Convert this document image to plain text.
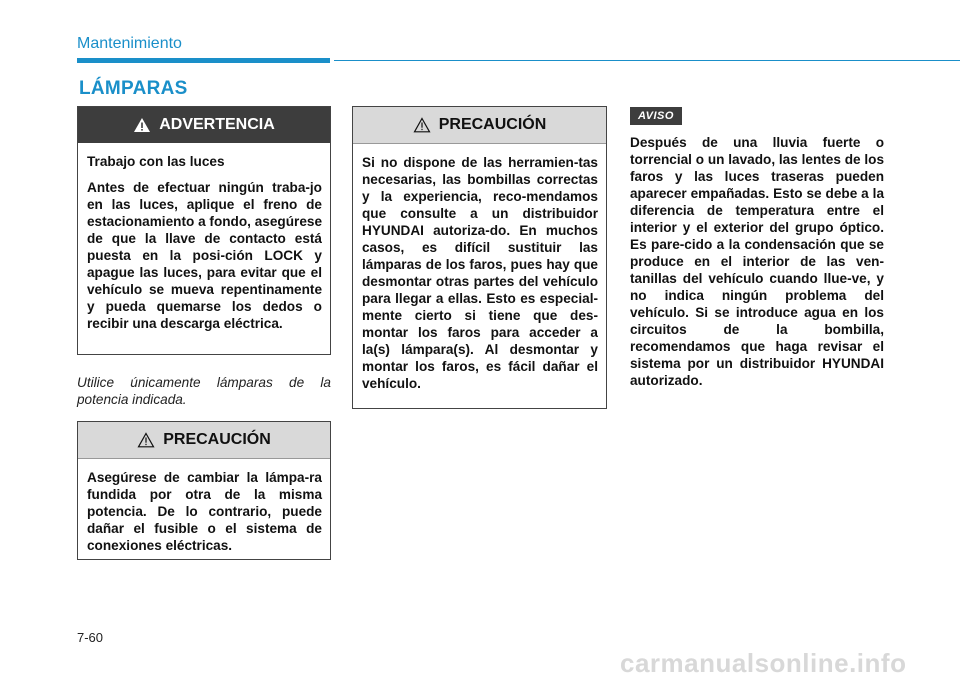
Mantenimiento
LÁMPARAS
ADVERTENCIA

Trabajo con las luces

Antes de efectuar ningún traba-jo en las luces, aplique el freno de estacionamiento a fondo, asegúrese de que la llave de contacto está puesta en la posi-ción LOCK y apague las luces, para evitar que el vehículo se mueva repentinamente y pueda quemarse los dedos o recibir una descarga eléctrica.

Utilice únicamente lámparas de la potencia indicada.
PRECAUCIÓN

Asegúrese de cambiar la lámpa-ra fundida por otra de la misma potencia. De lo contrario, puede dañar el fusible o el sistema de conexiones eléctricas.

PRECAUCIÓN

Si no dispone de las herramien-tas necesarias, las bombillas correctas y la experiencia, reco-mendamos que consulte a un distribuidor HYUNDAI autoriza-do. En muchos casos, es difícil sustituir las lámparas de los faros, pues hay que desmontar otras partes del vehículo para llegar a ellas. Esto es especial-mente cierto si tiene que des-montar los faros para acceder a la(s) lámpara(s). Al desmontar y montar los faros, es fácil dañar el vehículo.

AVISO
Después de una lluvia fuerte o torrencial o un lavado, las lentes de los faros y las luces traseras pueden aparecer empañadas. Esto se debe a la diferencia de temperatura entre el interior y el exterior del grupo óptico. Es pare-cido a la condensación que se produce en el interior de las ven-tanillas del vehículo cuando llue-ve, y no indica ningún problema del vehículo. Si se introduce agua en los circuitos de la bombilla, recomendamos que haga revisar el sistema por un distribuidor HYUNDAI autorizado.
7-60
carmanualsonline.info
